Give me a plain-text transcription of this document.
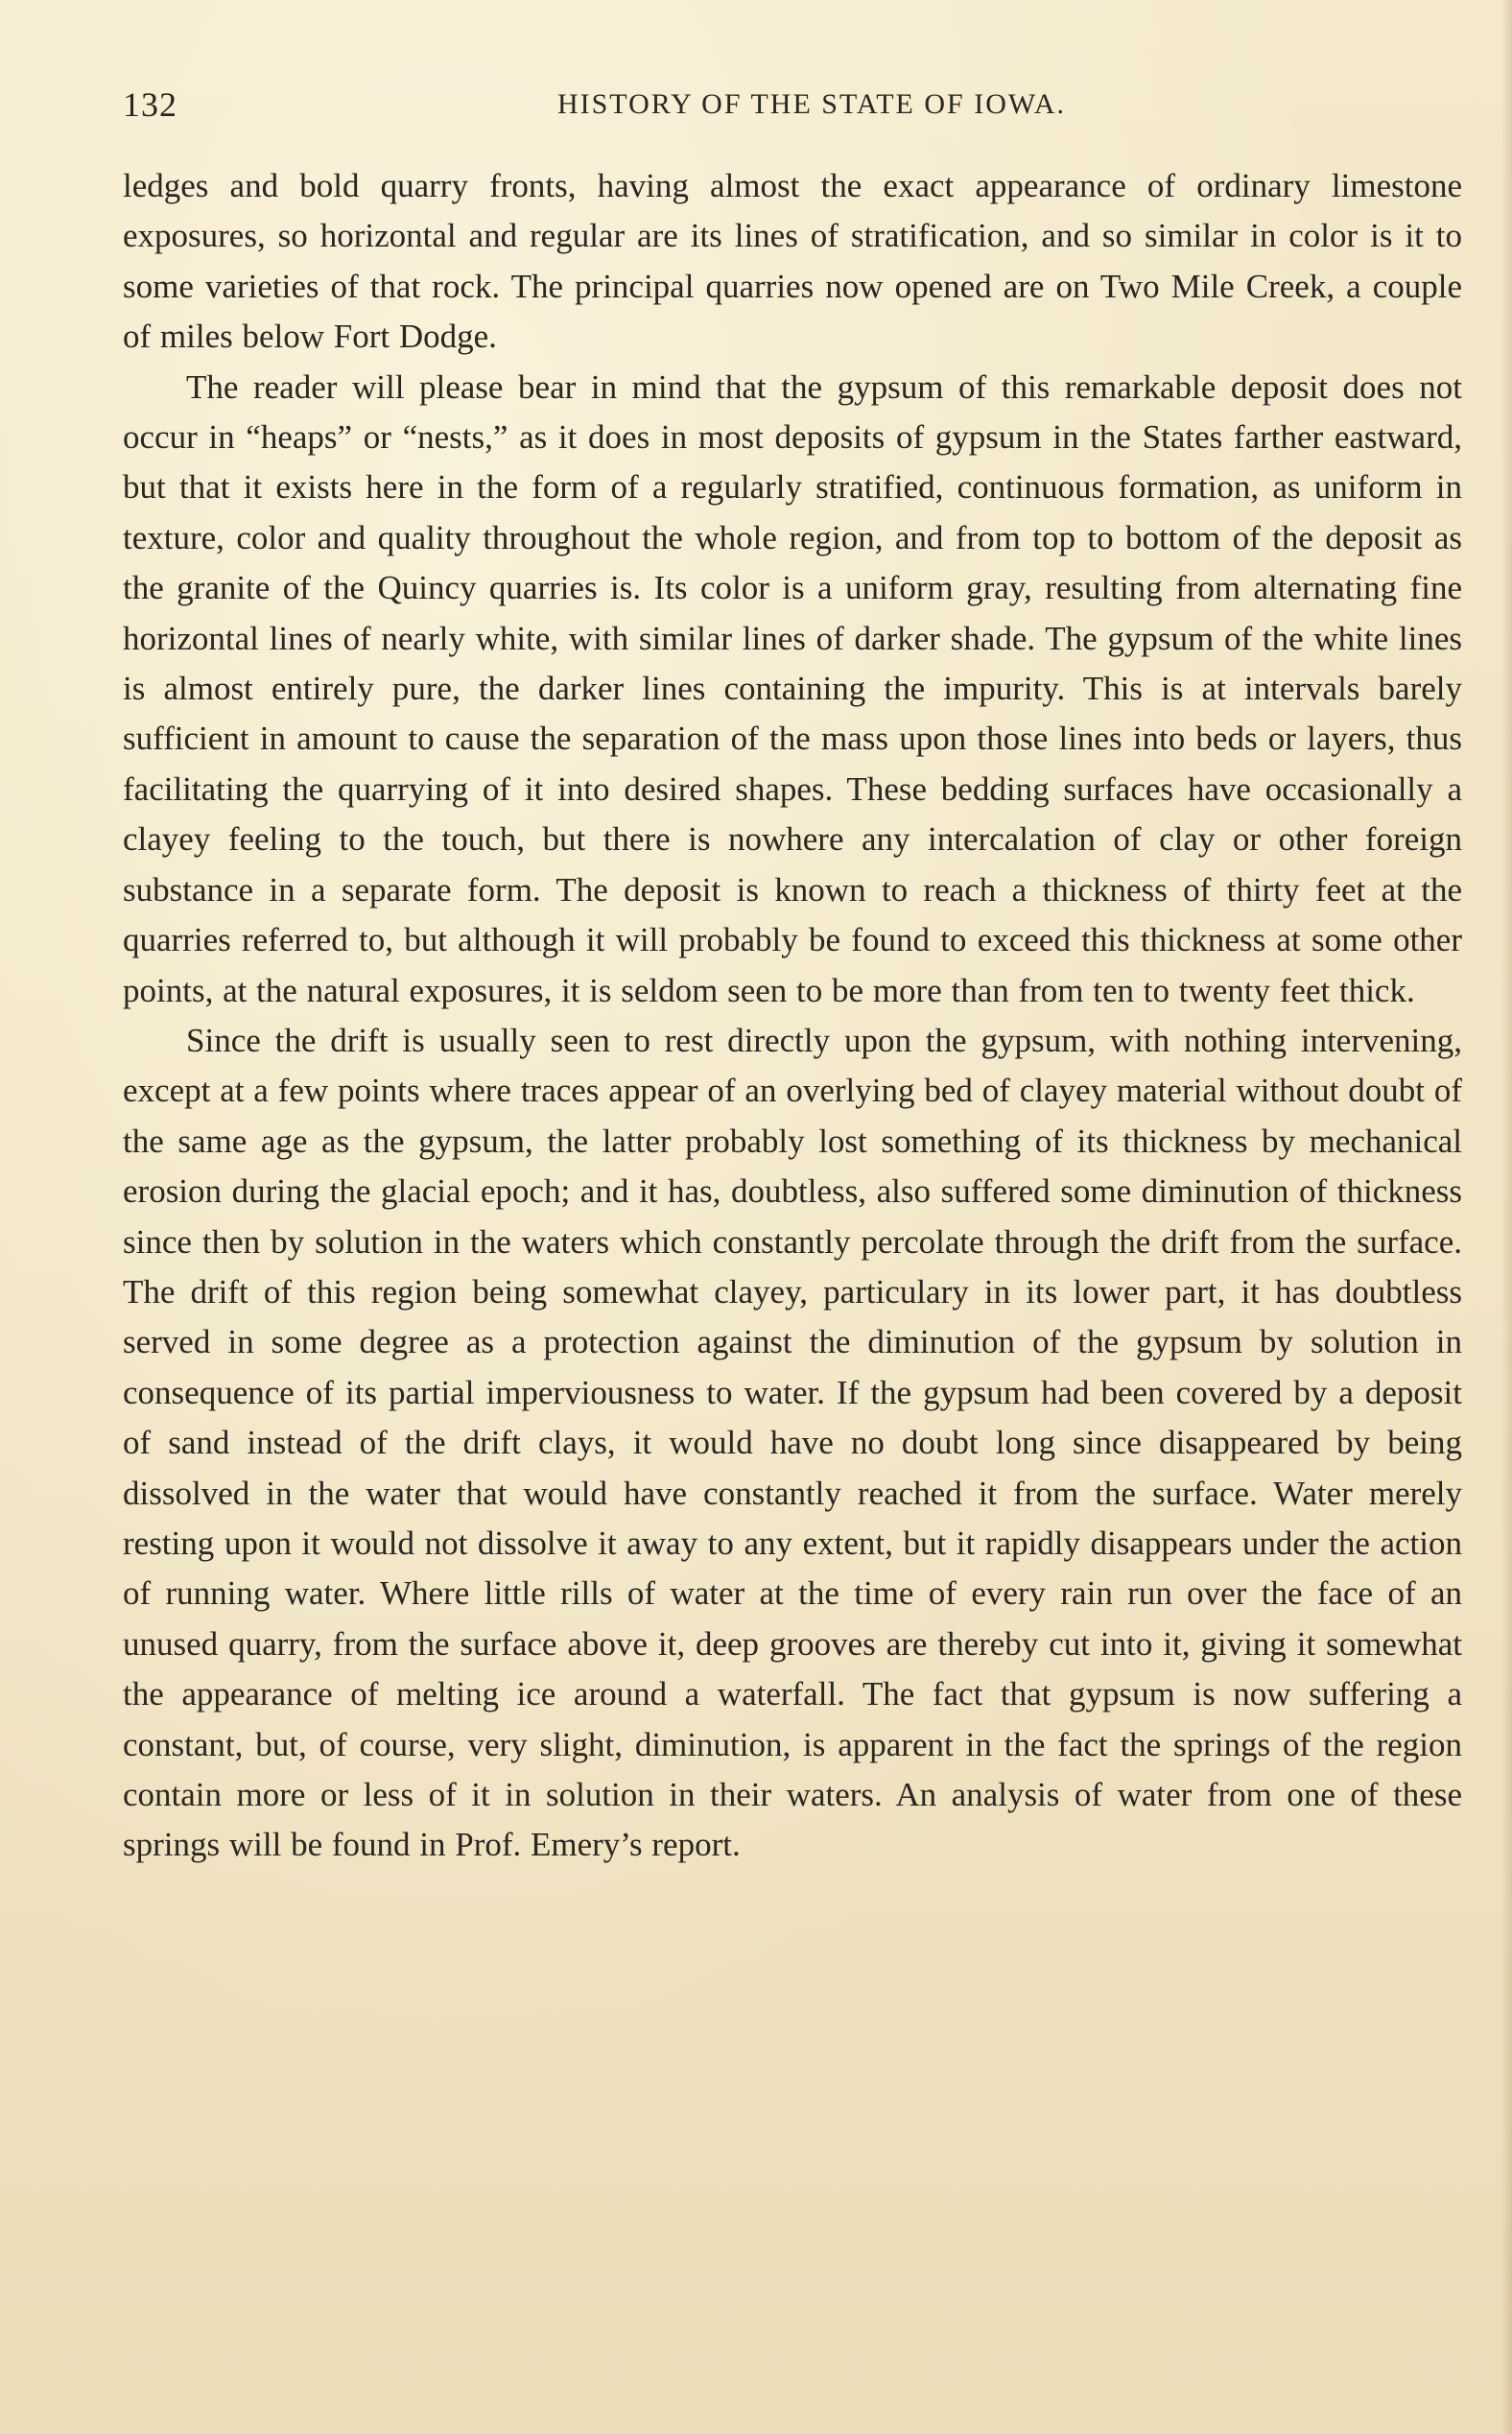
132	HISTORY OF THE STATE OF IOWA.

ledges and bold quarry fronts, having almost the exact appearance of ordinary limestone exposures, so horizontal and regular are its lines of stratification, and so similar in color is it to some varieties of that rock. The principal quarries now opened are on Two Mile Creek, a couple of miles below Fort Dodge.

The reader will please bear in mind that the gypsum of this remarkable deposit does not occur in “heaps” or “nests,” as it does in most deposits of gypsum in the States farther eastward, but that it exists here in the form of a regularly stratified, continuous formation, as uniform in texture, color and quality throughout the whole region, and from top to bottom of the deposit as the granite of the Quincy quarries is. Its color is a uniform gray, resulting from alternating fine horizontal lines of nearly white, with similar lines of darker shade. The gypsum of the white lines is almost entirely pure, the darker lines containing the impurity. This is at intervals barely sufficient in amount to cause the separation of the mass upon those lines into beds or layers, thus facilitating the quarrying of it into desired shapes. These bedding surfaces have occasionally a clayey feeling to the touch, but there is nowhere any intercalation of clay or other foreign substance in a separate form. The deposit is known to reach a thickness of thirty feet at the quarries referred to, but although it will probably be found to exceed this thickness at some other points, at the natural exposures, it is seldom seen to be more than from ten to twenty feet thick.

Since the drift is usually seen to rest directly upon the gypsum, with nothing intervening, except at a few points where traces appear of an overlying bed of clayey material without doubt of the same age as the gypsum, the latter probably lost something of its thickness by mechanical erosion during the glacial epoch; and it has, doubtless, also suffered some diminution of thickness since then by solution in the waters which constantly percolate through the drift from the surface. The drift of this region being somewhat clayey, particulary in its lower part, it has doubtless served in some degree as a protection against the diminution of the gypsum by solution in consequence of its partial imperviousness to water. If the gypsum had been covered by a deposit of sand instead of the drift clays, it would have no doubt long since disappeared by being dissolved in the water that would have constantly reached it from the surface. Water merely resting upon it would not dissolve it away to any extent, but it rapidly disappears under the action of running water. Where little rills of water at the time of every rain run over the face of an unused quarry, from the surface above it, deep grooves are thereby cut into it, giving it somewhat the appearance of melting ice around a waterfall. The fact that gypsum is now suffering a constant, but, of course, very slight, diminution, is apparent in the fact the springs of the region contain more or less of it in solution in their waters. An analysis of water from one of these springs will be found in Prof. Emery’s report.
